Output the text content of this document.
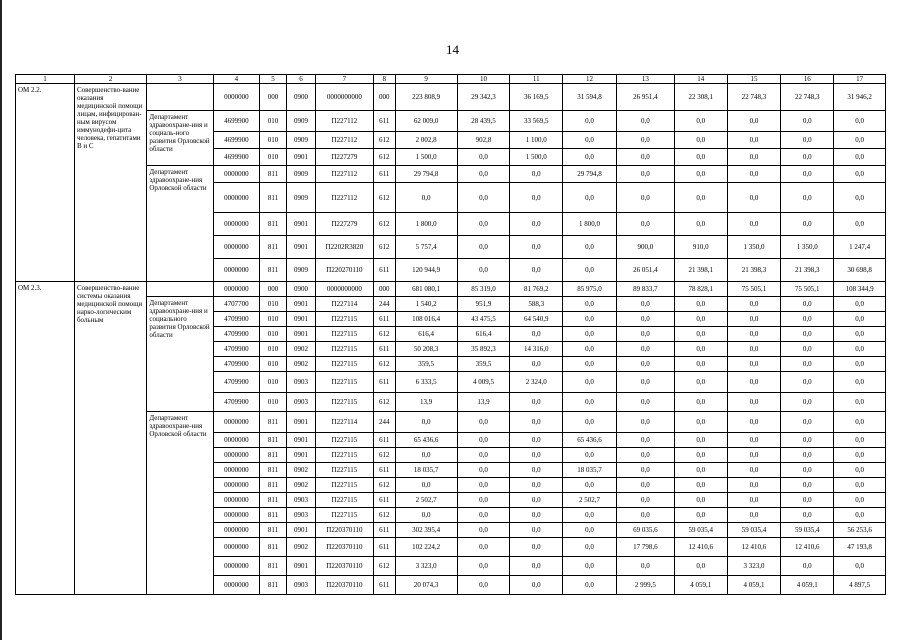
14
1	2	3	4	5	6	7	8	9	10	11	12	13	14	15	16	17
ОМ 2.2.	Совершенство-вание оказания медицинской помощи лицам, инфицирован-ным вирусом иммунодефи-цита человека, гепатитами В и С		0000000	000	0900	0000000000	000	223 808,9	29 342,3	36 169,5	31 594,8	26 951,4	22 308,1	22 748,3	22 748,3	31 946,2
		Департамент здравоохране-ния и социаль-ного развития Орловской области	4699900	010	0909	П227112	611	62 009,0	28 439,5	33 569,5	0,0	0,0	0,0	0,0	0,0	0,0
			4699900	010	0909	П227112	612	2 002,8	902,8	1 100,0	0,0	0,0	0,0	0,0	0,0	0,0
			4699900	010	0901	П227279	612	1 500,0	0,0	1 500,0	0,0	0,0	0,0	0,0	0,0	0,0
		Департамент здравоохране-ния Орловской области	0000000	811	0909	П227112	611	29 794,8	0,0	0,0	29 794,8	0,0	0,0	0,0	0,0	0,0
			0000000	811	0909	П227112	612	0,0	0,0	0,0	0,0	0,0	0,0	0,0	0,0	0,0
			0000000	811	0901	П227279	612	1 800,0	0,0	0,0	1 800,0	0,0	0,0	0,0	0,0	0,0
			0000000	811	0901	П2202R3820	612	5 757,4	0,0	0,0	0,0	900,0	910,0	1 350,0	1 350,0	1 247,4
			0000000	811	0909	П220270110	611	120 944,9	0,0	0,0	0,0	26 051,4	21 398,1	21 398,3	21 398,3	30 698,8
ОМ 2.3.	Совершенство-вание системы оказания медицинской помощи нарко-логическим больным		0000000	000	0900	0000000000	000	681 080,1	85 319,0	81 769,2	85 975,0	89 833,7	78 828,1	75 505,1	75 505,1	108 344,9
		Департамент здравоохране-ния и социального развития Орловской области	4707700	010	0901	П227114	244	1 540,2	951,9	588,3	0,0	0,0	0,0	0,0	0,0	0,0
			4709900	010	0901	П227115	611	108 016,4	43 475,5	64 540,9	0,0	0,0	0,0	0,0	0,0	0,0
			4709900	010	0901	П227115	612	616,4	616,4	0,0	0,0	0,0	0,0	0,0	0,0	0,0
			4709900	010	0902	П227115	611	50 208,3	35 892,3	14 316,0	0,0	0,0	0,0	0,0	0,0	0,0
			4709900	010	0902	П227115	612	359,5	359,5	0,0	0,0	0,0	0,0	0,0	0,0	0,0
			4709900	010	0903	П227115	611	6 333,5	4 009,5	2 324,0	0,0	0,0	0,0	0,0	0,0	0,0
			4709900	010	0903	П227115	612	13,9	13,9	0,0	0,0	0,0	0,0	0,0	0,0	0,0
		Департамент здравоохране-ния Орловской области	0000000	811	0901	П227114	244	0,0	0,0	0,0	0,0	0,0	0,0	0,0	0,0	0,0
			0000000	811	0901	П227115	611	65 436,6	0,0	0,0	65 436,6	0,0	0,0	0,0	0,0	0,0
			0000000	811	0901	П227115	612	0,0	0,0	0,0	0,0	0,0	0,0	0,0	0,0	0,0
			0000000	811	0902	П227115	611	18 035,7	0,0	0,0	18 035,7	0,0	0,0	0,0	0,0	0,0
			0000000	811	0902	П227115	612	0,0	0,0	0,0	0,0	0,0	0,0	0,0	0,0	0,0
			0000000	811	0903	П227115	611	2 502,7	0,0	0,0	2 502,7	0,0	0,0	0,0	0,0	0,0
			0000000	811	0903	П227115	612	0,0	0,0	0,0	0,0	0,0	0,0	0,0	0,0	0,0
			0000000	811	0901	П220370110	611	302 395,4	0,0	0,0	0,0	69 035,6	59 035,4	59 035,4	59 035,4	56 253,6
			0000000	811	0902	П220370110	611	102 224,2	0,0	0,0	0,0	17 798,6	12 410,6	12 410,6	12 410,6	47 193,8
			0000000	811	0901	П220370110	612	3 323,0	0,0	0,0	0,0	0,0	0,0	3 323,0	0,0	0,0
			0000000	811	0903	П220370110	611	20 074,3	0,0	0,0	0,0	2 999,5	4 059,1	4 059,1	4 059,1	4 897,5
